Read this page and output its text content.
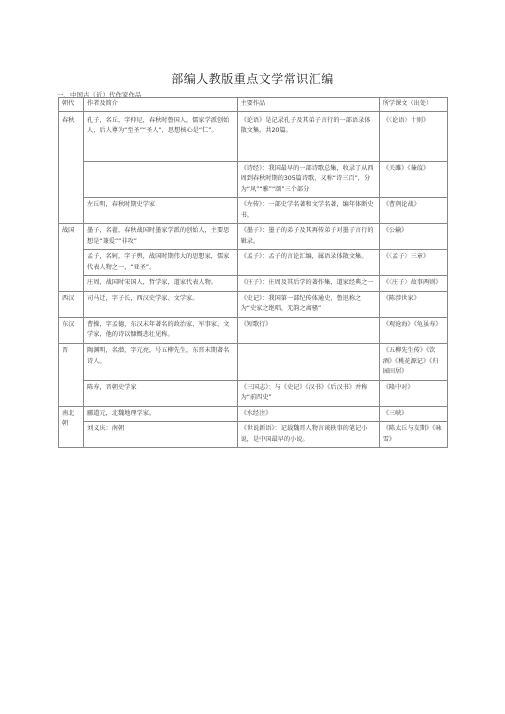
部编人教版重点文学常识汇编
一、中国古（近）代作家作品
朝代	作者及简介	主要作品	所学课文（出处）
春秋	孔子，名丘，字仲尼，春秋时鲁国人，儒家学派创始人，后人尊为“至圣”“圣人”，思想核心是“仁”。	《论语》是记录孔子及其弟子言行的一部语录体散文集，共20篇。	《〈论语〉十则》
		《诗经》：我国最早的一部诗歌总集，收录了从西周到春秋时期的305篇诗歌，又称“诗三百”，分为“风”“雅”“颂”三个部分	《关雎》《蒹葭》
	左丘明，春秋时期史学家	《左传》：一部史学名著和文学名著，编年体断史书。	《曹刿论战》
战国	墨子，名翟，春秋战国时墨家学派的创始人，主要思想是“兼爱”“非攻”	《墨子》：墨子的弟子及其再传弟子对墨子言行的辑录。	《公输》
	孟子，名轲，字子舆，战国时期伟大的思想家，儒家代表人物之一，“亚圣”。	《孟子》：孟子的言论汇编，属语录体散文集。	《〈孟子〉三章》
	庄周，战国时宋国人，哲学家，道家代表人物。	《庄子》：庄周及其后学的著作集，道家经典之一	《〈庄子〉故事两则》
西汉	司马迁，字子长，西汉史学家、文学家。	《史记》：我国第一部纪传体通史，鲁迅称之为“史家之绝唱，无韵之离骚”	《陈涉世家》
东汉	曹操，字孟德，东汉末年著名的政治家、军事家、文学家，他的诗以慷慨悲壮见称。	《短歌行》	《观沧海》《龟虽寿》
晋	陶渊明，名潜，字元亮，号五柳先生，东晋末期著名诗人。		《五柳先生传》《饮酒》《桃花源记》《归园田居》
	陈寿，晋朝史学家	《三国志》：与《史记》《汉书》《后汉书》并称为“前四史”	《隆中对》
南北朝	郦道元，北魏地理学家。	《水经注》	《三峡》
	刘义庆：南朝	《世说新语》：记载魏晋人物言谈轶事的笔记小说，是中国最早的小说。	《陈太丘与友期》《咏雪》
